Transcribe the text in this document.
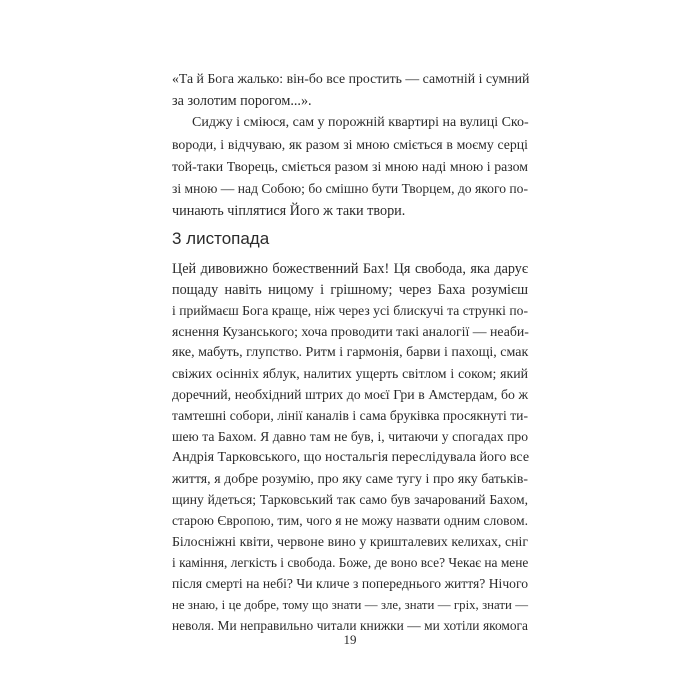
«Та й Бога жалько: він-бо все простить — самотній і сумний
за золотим порогом...».
Сиджу і сміюся, сам у порожній квартирі на вулиці Ско-
вороди, і відчуваю, як разом зі мною сміється в моєму серці
той-таки Творець, сміється разом зі мною наді мною і разом
зі мною — над Собою; бо смішно бути Творцем, до якого по-
чинають чіплятися Його ж таки твори.
3 листопада
Цей дивовижно божественний Бах! Ця свобода, яка дарує
пощаду навіть ницому і грішному; через Баха розумієш
і приймаєш Бога краще, ніж через усі блискучі та стрункі по-
яснення Кузанського; хоча проводити такі аналогії — неаби-
яке, мабуть, глупство. Ритм і гармонія, барви і пахощі, смак
свіжих осінніх яблук, налитих ущерть світлом і соком; який
доречний, необхідний штрих до моєї Гри в Амстердам, бо ж
тамтешні собори, лінії каналів і сама бруківка просякнуті ти-
шею та Бахом. Я давно там не був, і, читаючи у спогадах про
Андрія Тарковського, що ностальгія переслідувала його все
життя, я добре розумію, про яку саме тугу і про яку батьків-
щину йдеться; Тарковський так само був зачарований Бахом,
старою Європою, тим, чого я не можу назвати одним словом.
Білосніжні квіти, червоне вино у кришталевих келихах, сніг
і каміння, легкість і свобода. Боже, де воно все? Чекає на мене
після смерті на небі? Чи кличе з попереднього життя? Нічого
не знаю, і це добре, тому що знати — зле, знати — гріх, знати —
неволя. Ми неправильно читали книжки — ми хотіли якомога
19
